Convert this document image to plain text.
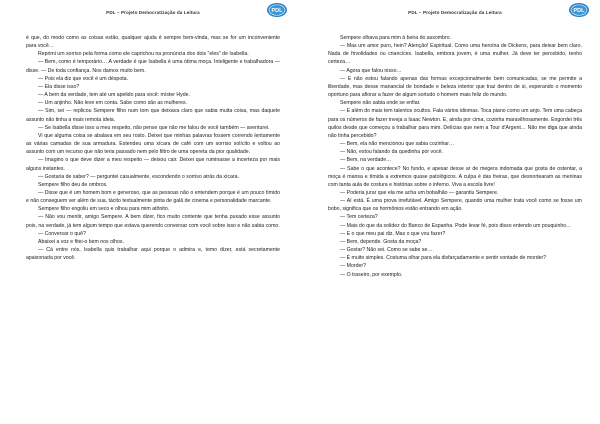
PDL – Projeto Democratização da Leitura	PDL

é que, do modo como as coisas estão, qualquer ajuda é sempre bem-vinda, mas se for um inconveniente para você…

Reprimi um sorriso pela forma como ele caprichou na pronúncia dos dois "eles" de Isabella.

— Bem, como é temporário… A verdade é que Isabella é uma ótima moça. Inteligente e trabalhadora — disse. — De toda confiança. Nos damos muito bem.

— Pois ela diz que você é um déspota.

— Ela disse isso?

— A bem da verdade, tem até um apelido para você: míster Hyde.

— Um anjinho. Não leve em conta. Sabe como são as mulheres.

— Sim, sei — replicou Sempere filho num tom que deixava claro que sabia muita coisa, mas daquele assunto não tinha a mais remota ideia.

— Se Isabella disse isso a meu respeito, não pense que não me falou de você também — aventurei.

Vi que alguma coisa se abalava em seu rosto. Deixei que minhas palavras fossem correndo lentamente as várias camadas de sua armadura. Estendeu uma xícara de café com um sorriso solícito e voltou ao assunto com um recurso que não teria passado nem pelo filtro de uma opereta da pior qualidade.

— Imagino o que deve dizer a meu respeito — deixou cair. Deixei que ruminasse a incerteza por mais alguns instantes.

— Gostaria de saber? — perguntei casualmente, escondendo o sorriso atrás da xícara.

Sempere filho deu de ombros.

— Disse que é um homem bom e generoso, que as pessoas não o entendem porque é um pouco tímido e não conseguem ver além de sua, tácito textualmente pinta de galã de cinema e personalidade marcante.

Sempere filho engoliu em seco e olhou para mim atônito.

— Não vou mentir, amigo Sempere. A bem dizer, fico muito contente que tenha puxado esse assunto pois, na verdade, já tem algum tempo que estava querendo conversar com você sobre isso e não sabia como.

— Conversar o quê?

Abaixei a voz e fitei-o bem nos olhos.

— Cá entre nós, Isabella quis trabalhar aqui porque o admira e, temo dizer, está secretamente apaixonada por você.

PDL – Projeto Democratização da Leitura	PDL

Sempere olhava para mim à beira do assombro.

— Mas um amor puro, hein? Atenção! Espiritual. Como uma heroína de Dickens, para deixar bem claro. Nada de frivolidades ou criancices. Isabella, embora jovem, é uma mulher. Já deve ter percebido, tenho certeza…

— Agora que falou nisso…

— E não estou falando apenas das formas excepcionalmente bem comunicadas, se me permite a liberdade, mas desse manancial de bondade e beleza interior que traz dentro de si, esperando o momento oportuno para aflorar a fazer de algum sortudo o homem mais feliz do mundo.

Sempere não sabia onde se enfiar.

— E além do mais tem talentos ocultos. Fala vários idiomas. Toca piano como um anjo. Tem uma cabeça para os números de fazer inveja a Isaac Newton. E, ainda por cima, cozinha maravilhosamente. Engordei três quilos desde que começou a trabalhar para mim. Delícias que nem a Tour d'Argent… Não me diga que ainda não tinha percebido?

— Bem, ela não mencionou que sabia cozinhar…

— Não, estou falando da quedinha por você.

— Bem, na verdade…

— Sabe o que acontece? No fundo, e apesar desse ar de megera indomada que gosta de ostentar, a moça é mansa e tímida a extremos quase patológicos. A culpa é das freiras, que desnortearam as meninas com tanta aula de costura e histórias sobre o inferno. Viva a escola livre!

— Poderia jurar que ela me acha um bobalhão — garantiu Sempere.

— Aí está. É uma prova irrefutável. Amigo Sempere, quando uma mulher trata você como se fosse um bobo, significa que os hormônios estão entrando em ação.

— Tem certeza?

— Mais do que da solidez do Banco de Espanha. Pode levar fé, pois disso entendo um pouquinho…

— E o que meu pai diz. Mas o que vou fazer?

— Bem, depende. Gosta da moça?

— Gostar? Não sei. Como se sabe se…

— É muito simples. Costuma olhar para ela disfarçadamente e sentir vontade de morder?

— Morder?

— O traseiro, por exemplo.
